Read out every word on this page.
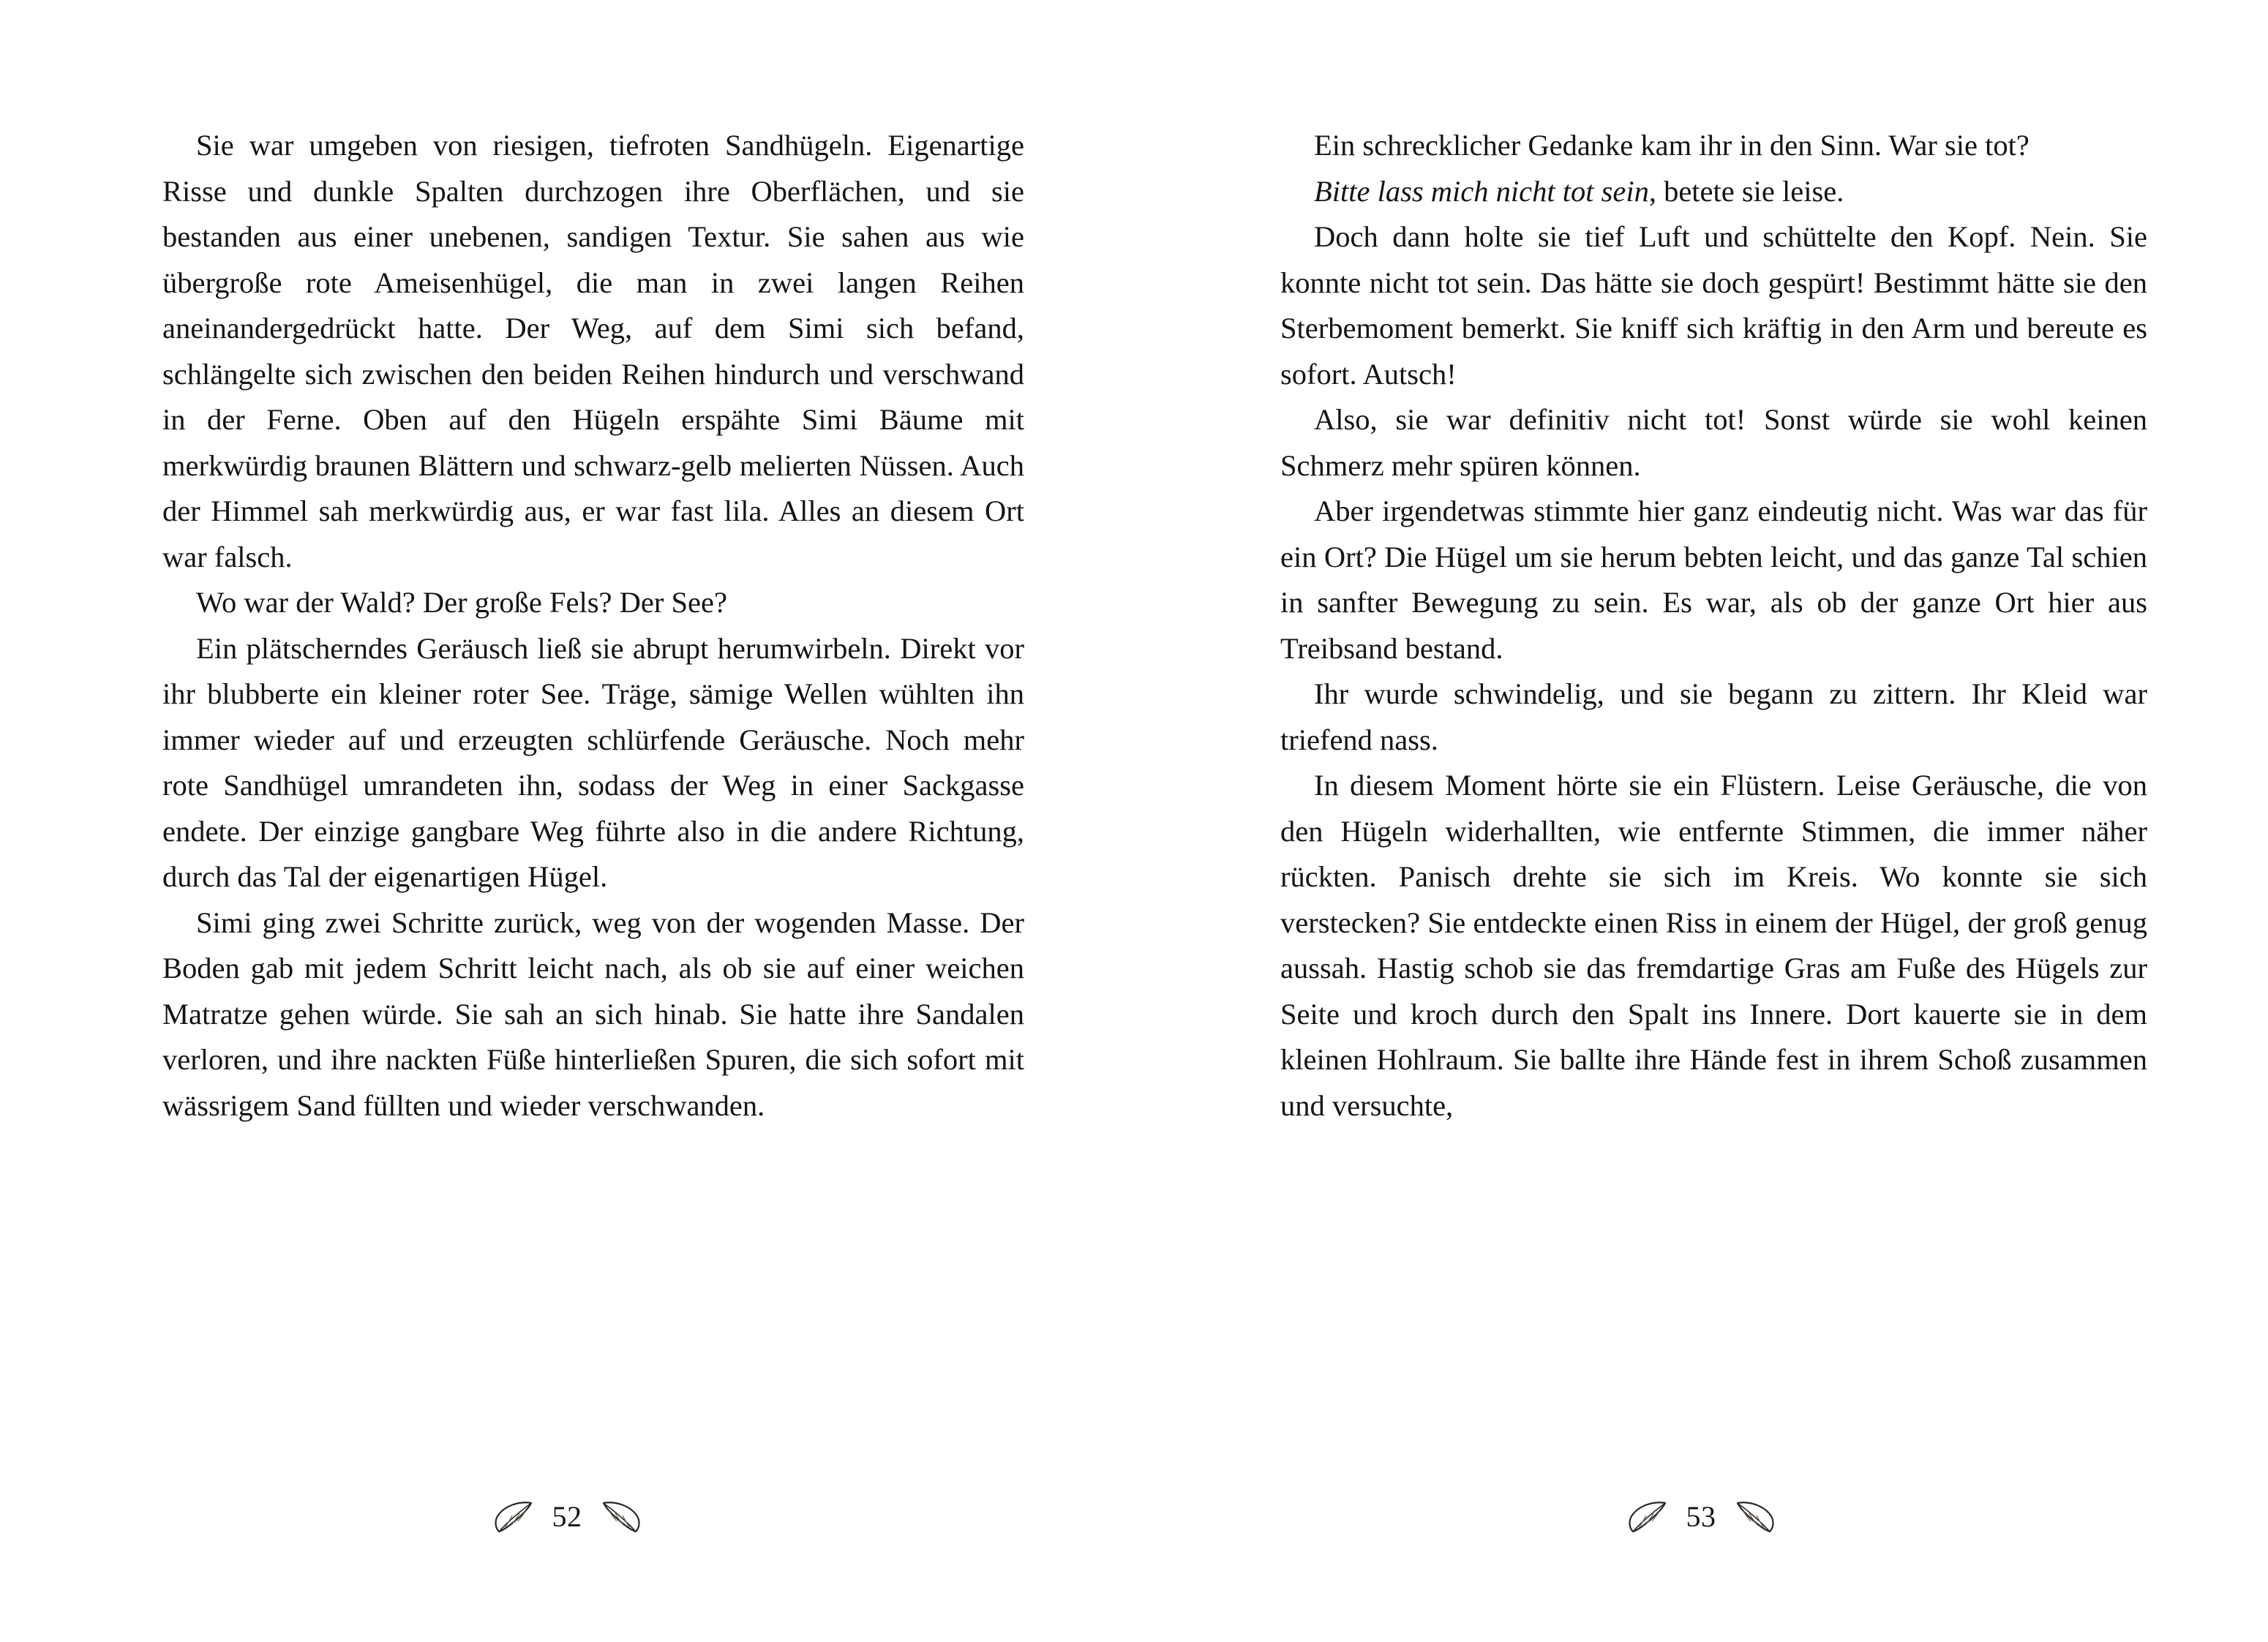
Sie war umgeben von riesigen, tiefroten Sandhügeln. Eigenartige Risse und dunkle Spalten durchzogen ihre Oberflächen, und sie bestanden aus einer unebenen, sandigen Textur. Sie sahen aus wie übergroße rote Ameisenhügel, die man in zwei langen Reihen aneinandergedrückt hatte. Der Weg, auf dem Simi sich befand, schlängelte sich zwischen den beiden Reihen hindurch und verschwand in der Ferne. Oben auf den Hügeln erspähte Simi Bäume mit merkwürdig braunen Blättern und schwarz-gelb melierten Nüssen. Auch der Himmel sah merkwürdig aus, er war fast lila. Alles an diesem Ort war falsch.

Wo war der Wald? Der große Fels? Der See?

Ein plätscherndes Geräusch ließ sie abrupt herumwirbeln. Direkt vor ihr blubberte ein kleiner roter See. Träge, sämige Wellen wühlten ihn immer wieder auf und erzeugten schlürfende Geräusche. Noch mehr rote Sandhügel umrandeten ihn, sodass der Weg in einer Sackgasse endete. Der einzige gangbare Weg führte also in die andere Richtung, durch das Tal der eigenartigen Hügel.

Simi ging zwei Schritte zurück, weg von der wogenden Masse. Der Boden gab mit jedem Schritt leicht nach, als ob sie auf einer weichen Matratze gehen würde. Sie sah an sich hinab. Sie hatte ihre Sandalen verloren, und ihre nackten Füße hinterließen Spuren, die sich sofort mit wässrigem Sand füllten und wieder verschwanden.

52

Ein schrecklicher Gedanke kam ihr in den Sinn. War sie tot?

Bitte lass mich nicht tot sein, betete sie leise.

Doch dann holte sie tief Luft und schüttelte den Kopf. Nein. Sie konnte nicht tot sein. Das hätte sie doch gespürt! Bestimmt hätte sie den Sterbemoment bemerkt. Sie kniff sich kräftig in den Arm und bereute es sofort. Autsch!

Also, sie war definitiv nicht tot! Sonst würde sie wohl keinen Schmerz mehr spüren können.

Aber irgendetwas stimmte hier ganz eindeutig nicht. Was war das für ein Ort? Die Hügel um sie herum bebten leicht, und das ganze Tal schien in sanfter Bewegung zu sein. Es war, als ob der ganze Ort hier aus Treibsand bestand.

Ihr wurde schwindelig, und sie begann zu zittern. Ihr Kleid war triefend nass.

In diesem Moment hörte sie ein Flüstern. Leise Geräusche, die von den Hügeln widerhallten, wie entfernte Stimmen, die immer näher rückten. Panisch drehte sie sich im Kreis. Wo konnte sie sich verstecken? Sie entdeckte einen Riss in einem der Hügel, der groß genug aussah. Hastig schob sie das fremdartige Gras am Fuße des Hügels zur Seite und kroch durch den Spalt ins Innere. Dort kauerte sie in dem kleinen Hohlraum. Sie ballte ihre Hände fest in ihrem Schoß zusammen und versuchte,

53
